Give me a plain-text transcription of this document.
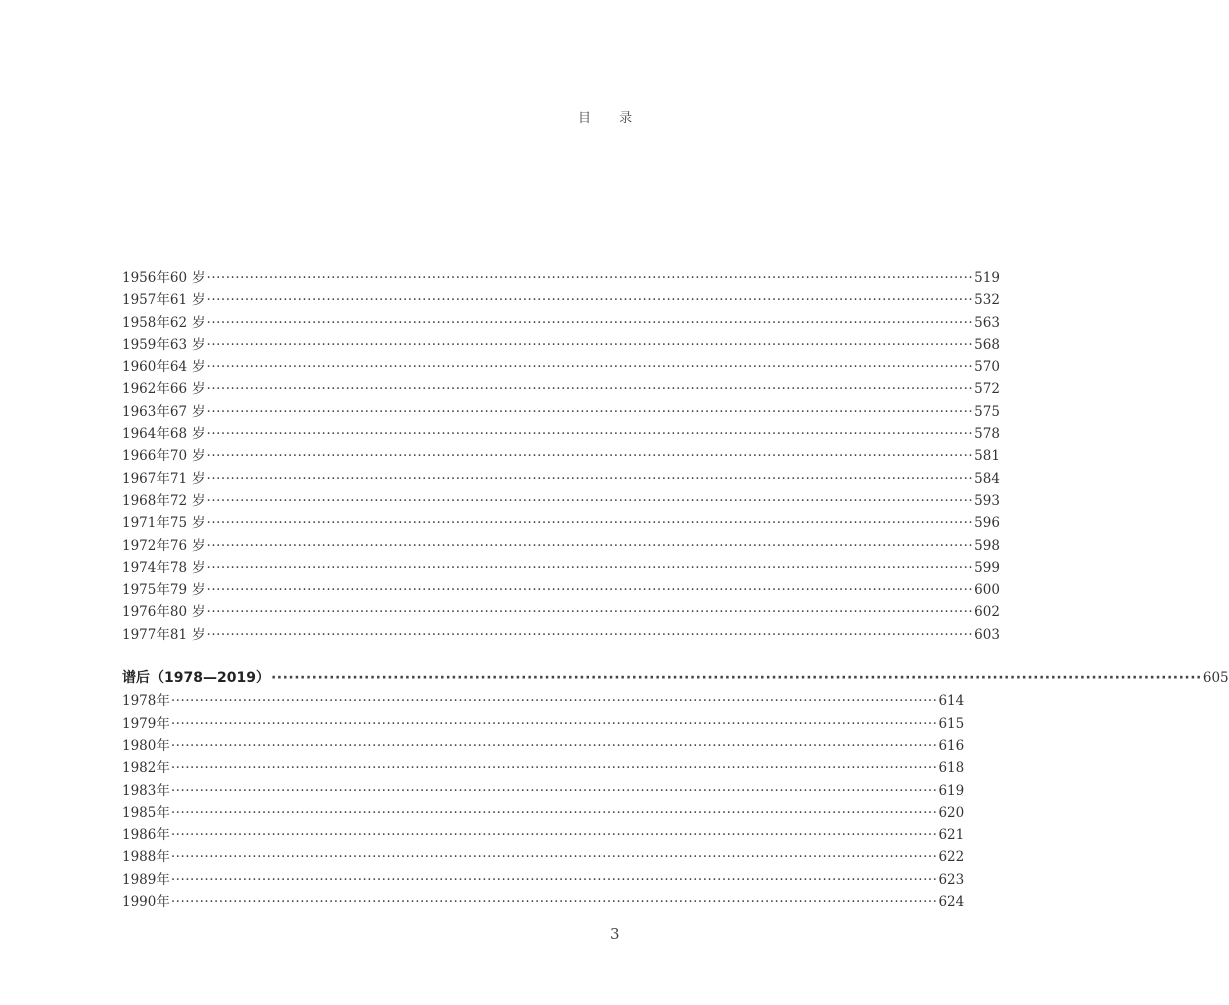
目 录
1956 年 60 岁 ································································································································································ 519
1957 年 61 岁 ································································································································································ 532
1958 年 62 岁 ································································································································································ 563
1959 年 63 岁 ································································································································································ 568
1960 年 64 岁 ································································································································································ 570
1962 年 66 岁 ································································································································································ 572
1963 年 67 岁 ································································································································································ 575
1964 年 68 岁 ································································································································································ 578
1966 年 70 岁 ································································································································································ 581
1967 年 71 岁 ································································································································································ 584
1968 年 72 岁 ································································································································································ 593
1971 年 75 岁 ································································································································································ 596
1972 年 76 岁 ································································································································································ 598
1974 年 78 岁 ································································································································································ 599
1975 年 79 岁 ································································································································································ 600
1976 年 80 岁 ································································································································································ 602
1977 年 81 岁 ································································································································································ 603
谱后（1978—2019） ································································································································································ 605
1978 年 ································································································································································ 614
1979 年 ································································································································································ 615
1980 年 ································································································································································ 616
1982 年 ································································································································································ 618
1983 年 ································································································································································ 619
1985 年 ································································································································································ 620
1986 年 ································································································································································ 621
1988 年 ································································································································································ 622
1989 年 ································································································································································ 623
1990 年 ································································································································································ 624
3
